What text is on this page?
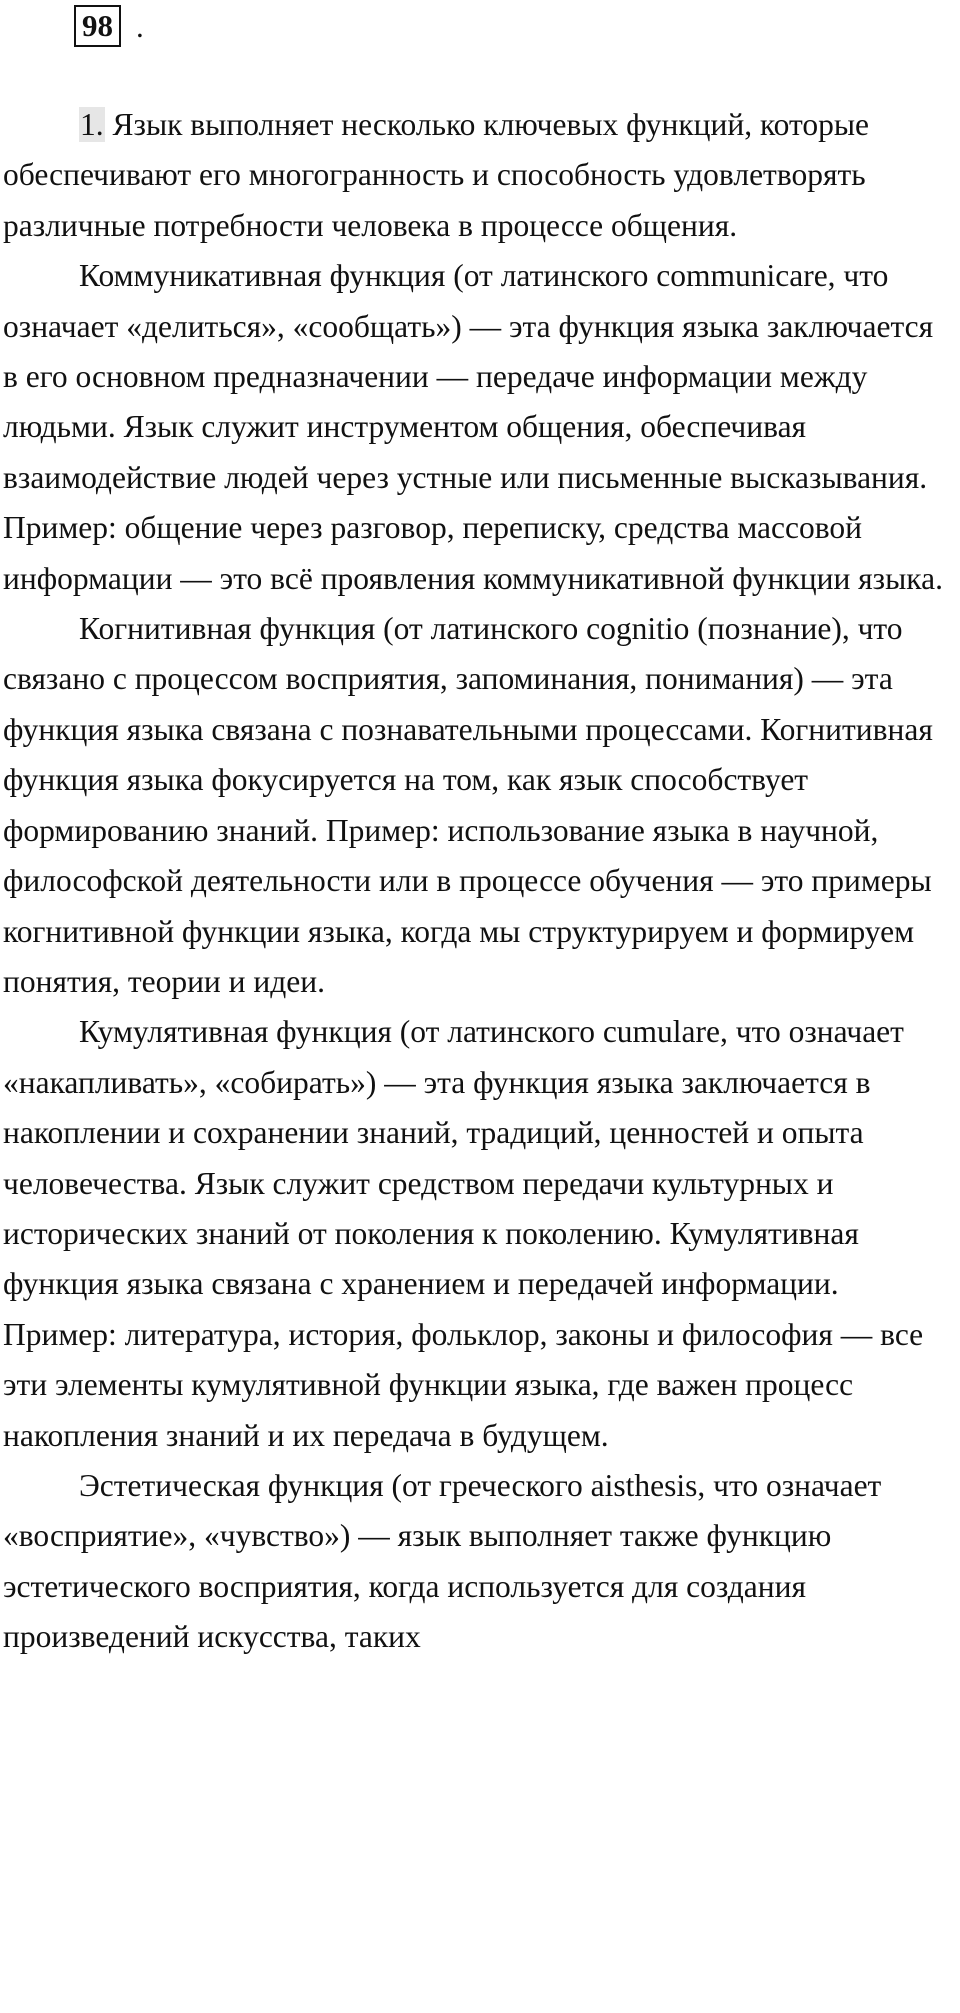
98 .

1. Язык выполняет несколько ключевых функций, которые обеспечивают его многогранность и способность удовлетворять различные потребности человека в процессе общения.

Коммуникативная функция (от латинского communicare, что означает «делиться», «сообщать») — эта функция языка заключается в его основном предназначении — передаче информации между людьми. Язык служит инструментом общения, обеспечивая взаимодействие людей через устные или письменные высказывания. Пример: общение через разговор, переписку, средства массовой информации — это всё проявления коммуникативной функции языка.

Когнитивная функция (от латинского cognitio (познание), что связано с процессом восприятия, запоминания, понимания) — эта функция языка связана с познавательными процессами. Когнитивная функция языка фокусируется на том, как язык способствует формированию знаний. Пример: использование языка в научной, философской деятельности или в процессе обучения — это примеры когнитивной функции языка, когда мы структурируем и формируем понятия, теории и идеи.

Кумулятивная функция (от латинского cumulare, что означает «накапливать», «собирать») — эта функция языка заключается в накоплении и сохранении знаний, традиций, ценностей и опыта человечества. Язык служит средством передачи культурных и исторических знаний от поколения к поколению. Кумулятивная функция языка связана с хранением и передачей информации. Пример: литература, история, фольклор, законы и философия — все эти элементы кумулятивной функции языка, где важен процесс накопления знаний и их передача в будущем.

Эстетическая функция (от греческого aisthesis, что означает «восприятие», «чувство») — язык выполняет также функцию эстетического восприятия, когда используется для создания произведений искусства, таких
